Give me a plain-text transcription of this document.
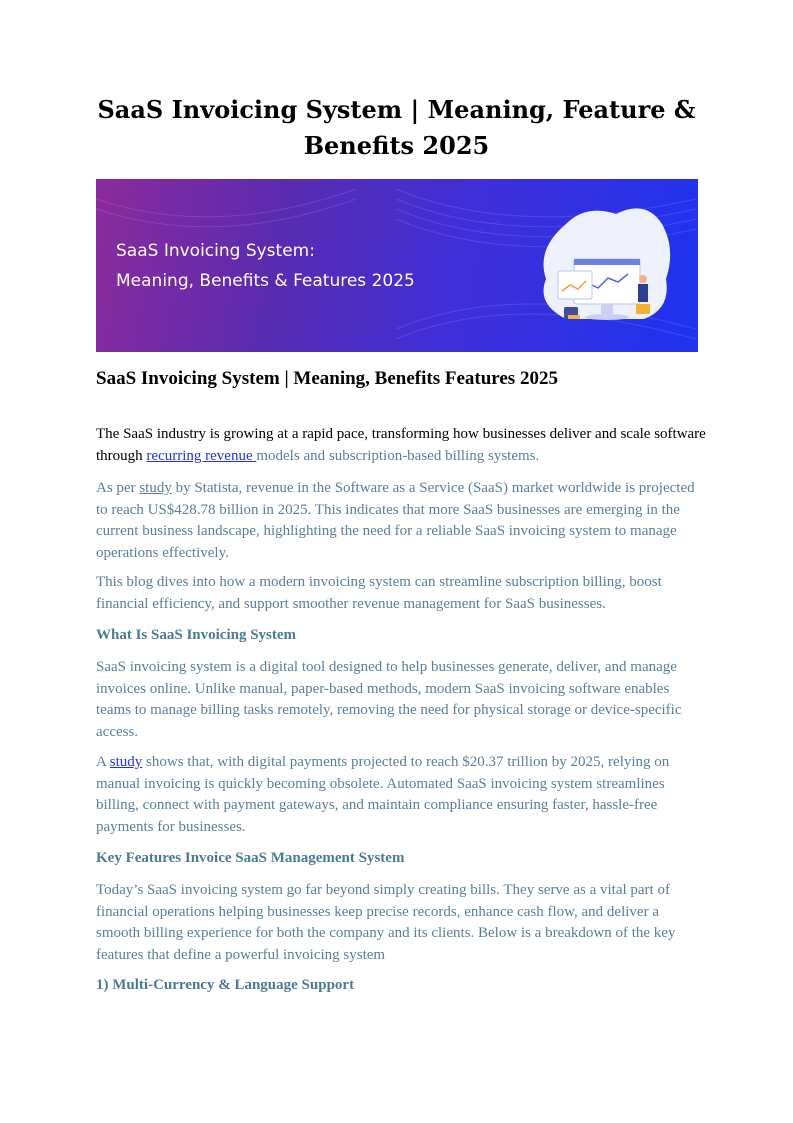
SaaS Invoicing System | Meaning, Feature & Benefits 2025
SaaS Invoicing System:
Meaning, Benefits & Features 2025
SaaS Invoicing System | Meaning, Benefits Features 2025

The SaaS industry is growing at a rapid pace, transforming how businesses deliver and scale software through recurring revenue models and subscription-based billing systems.

As per study by Statista, revenue in the Software as a Service (SaaS) market worldwide is projected to reach US$428.78 billion in 2025. This indicates that more SaaS businesses are emerging in the current business landscape, highlighting the need for a reliable SaaS invoicing system to manage operations effectively.

This blog dives into how a modern invoicing system can streamline subscription billing, boost financial efficiency, and support smoother revenue management for SaaS businesses.

What Is SaaS Invoicing System

SaaS invoicing system is a digital tool designed to help businesses generate, deliver, and manage invoices online. Unlike manual, paper-based methods, modern SaaS invoicing software enables teams to manage billing tasks remotely, removing the need for physical storage or device-specific access.

A study shows that, with digital payments projected to reach $20.37 trillion by 2025, relying on manual invoicing is quickly becoming obsolete. Automated SaaS invoicing system streamlines billing, connect with payment gateways, and maintain compliance ensuring faster, hassle-free payments for businesses.

Key Features Invoice SaaS Management System

Today’s SaaS invoicing system go far beyond simply creating bills. They serve as a vital part of financial operations helping businesses keep precise records, enhance cash flow, and deliver a smooth billing experience for both the company and its clients. Below is a breakdown of the key features that define a powerful invoicing system

1) Multi-Currency & Language Support
